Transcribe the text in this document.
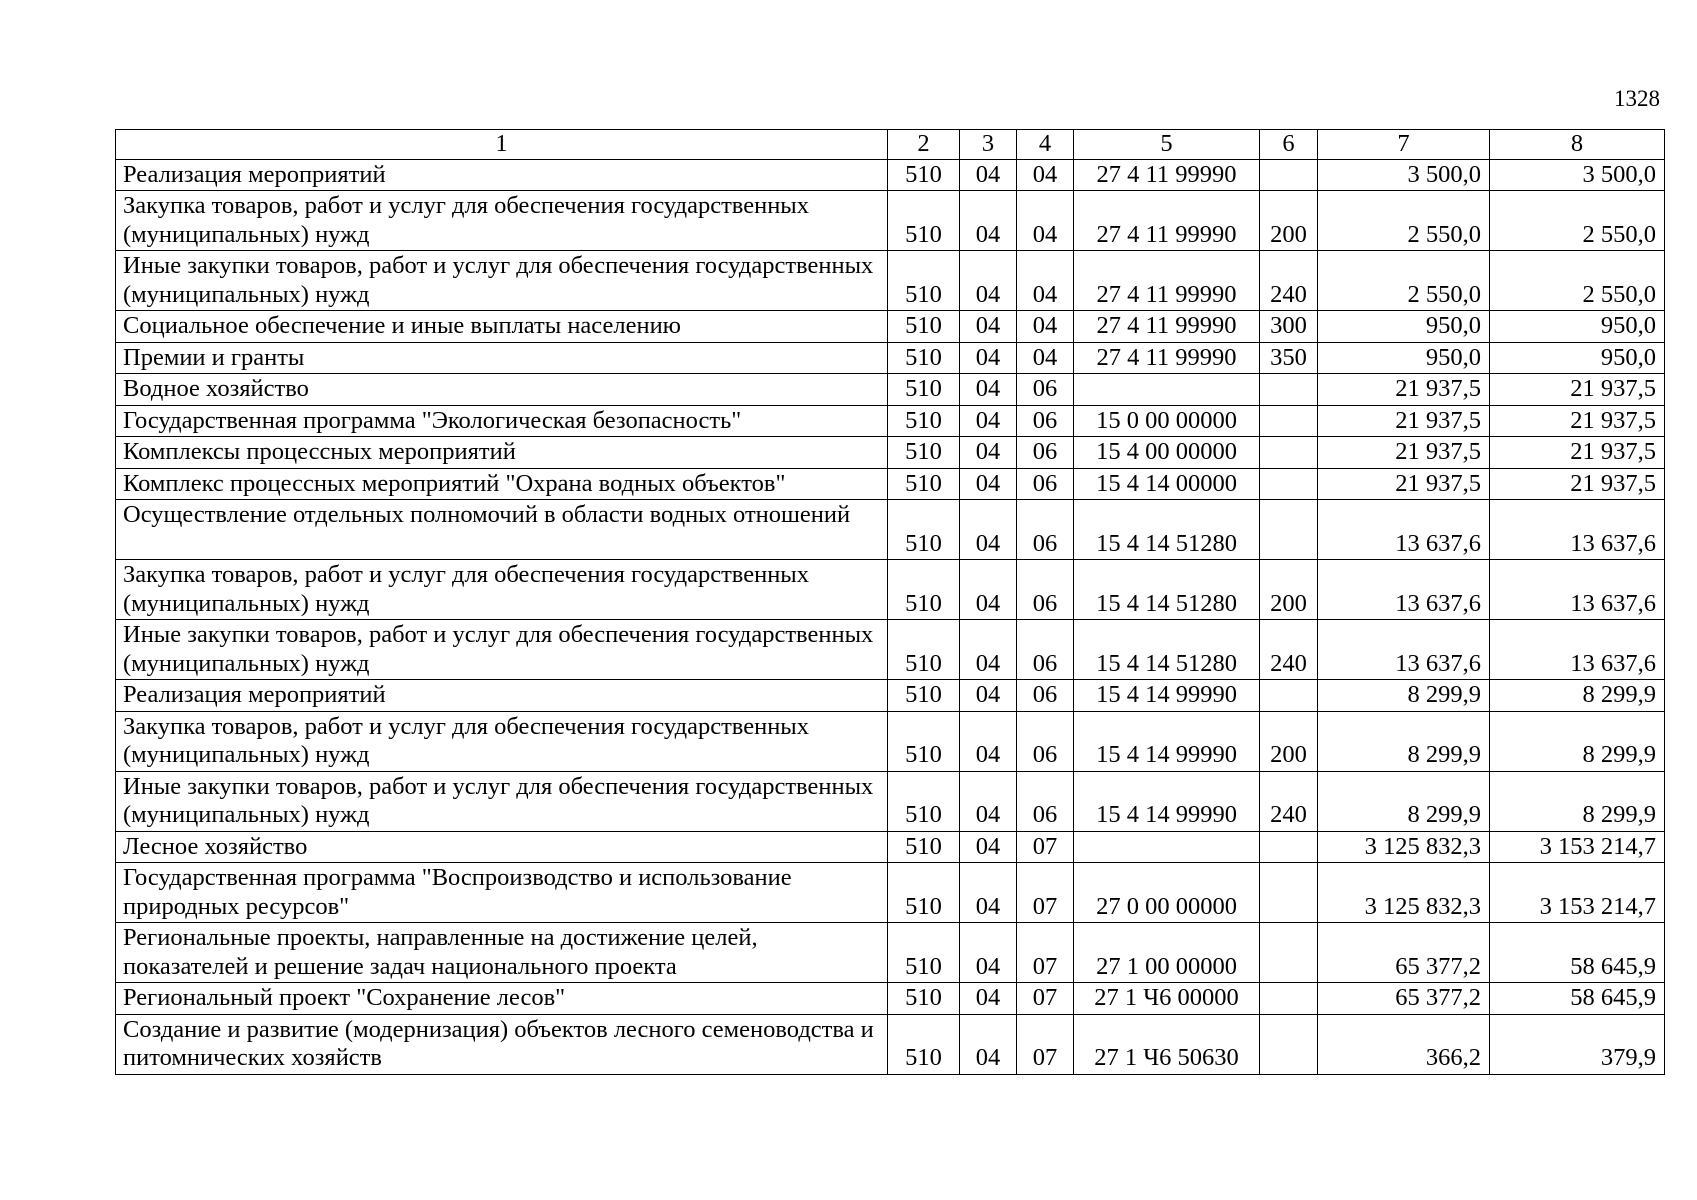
1328
1	2	3	4	5	6	7	8
Реализация мероприятий	510	04	04	27 4 11 99990		3 500,0	3 500,0
Закупка товаров, работ и услуг для обеспечения государственных (муниципальных) нужд	510	04	04	27 4 11 99990	200	2 550,0	2 550,0
Иные закупки товаров, работ и услуг для обеспечения государственных (муниципальных) нужд	510	04	04	27 4 11 99990	240	2 550,0	2 550,0
Социальное обеспечение и иные выплаты населению	510	04	04	27 4 11 99990	300	950,0	950,0
Премии и гранты	510	04	04	27 4 11 99990	350	950,0	950,0
Водное хозяйство	510	04	06			21 937,5	21 937,5
Государственная программа "Экологическая безопасность"	510	04	06	15 0 00 00000		21 937,5	21 937,5
Комплексы процессных мероприятий	510	04	06	15 4 00 00000		21 937,5	21 937,5
Комплекс процессных мероприятий "Охрана водных объектов"	510	04	06	15 4 14 00000		21 937,5	21 937,5
Осуществление отдельных полномочий в области водных отношений	510	04	06	15 4 14 51280		13 637,6	13 637,6
Закупка товаров, работ и услуг для обеспечения государственных (муниципальных) нужд	510	04	06	15 4 14 51280	200	13 637,6	13 637,6
Иные закупки товаров, работ и услуг для обеспечения государственных (муниципальных) нужд	510	04	06	15 4 14 51280	240	13 637,6	13 637,6
Реализация мероприятий	510	04	06	15 4 14 99990		8 299,9	8 299,9
Закупка товаров, работ и услуг для обеспечения государственных (муниципальных) нужд	510	04	06	15 4 14 99990	200	8 299,9	8 299,9
Иные закупки товаров, работ и услуг для обеспечения государственных (муниципальных) нужд	510	04	06	15 4 14 99990	240	8 299,9	8 299,9
Лесное хозяйство	510	04	07			3 125 832,3	3 153 214,7
Государственная программа "Воспроизводство и использование природных ресурсов"	510	04	07	27 0 00 00000		3 125 832,3	3 153 214,7
Региональные проекты, направленные на достижение целей, показателей и решение задач национального проекта	510	04	07	27 1 00 00000		65 377,2	58 645,9
Региональный проект "Сохранение лесов"	510	04	07	27 1 Ч6 00000		65 377,2	58 645,9
Создание и развитие (модернизация) объектов лесного семеноводства и питомнических хозяйств	510	04	07	27 1 Ч6 50630		366,2	379,9
